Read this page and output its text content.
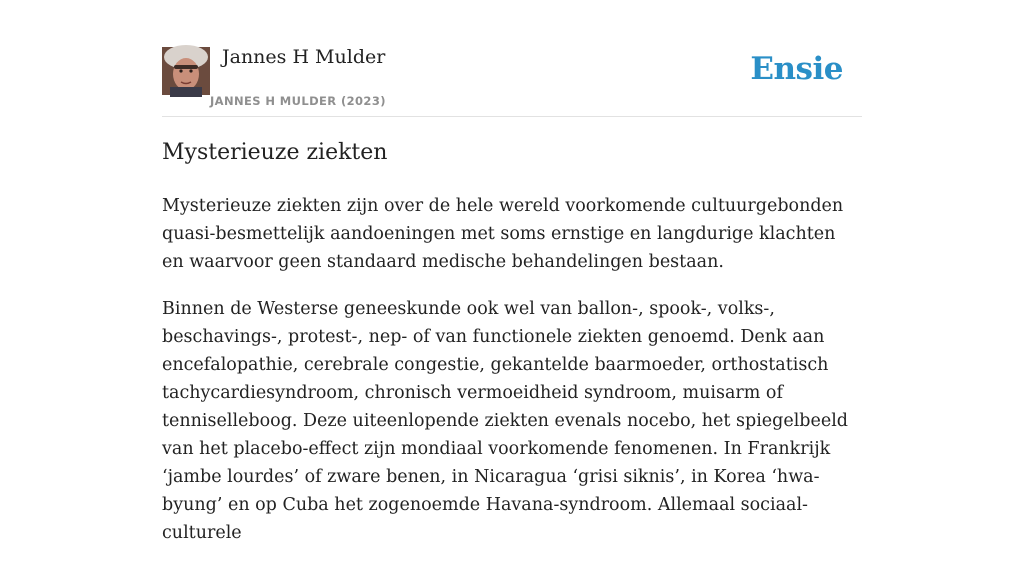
Jannes H Mulder
JANNES H MULDER (2023)
Ensie
Mysterieuze ziekten

Mysterieuze ziekten zijn over de hele wereld voorkomende cultuurgebonden quasi-besmettelijk aandoeningen met soms ernstige en langdurige klachten en waarvoor geen standaard medische behandelingen bestaan.

Binnen de Westerse geneeskunde ook wel van ballon-, spook-, volks-, beschavings-, protest-, nep- of van functionele ziekten genoemd. Denk aan encefalopathie, cerebrale congestie, gekantelde baarmoeder, orthostatisch tachycardiesyndroom, chronisch vermoeidheid syndroom, muisarm of tenniselleboog. Deze uiteenlopende ziekten evenals nocebo, het spiegelbeeld van het placebo-effect zijn mondiaal voorkomende fenomenen. In Frankrijk ‘jambe lourdes’ of zware benen, in Nicaragua ‘grisi siknis’, in Korea ‘hwa-byung’ en op Cuba het zogenoemde Havana-syndroom. Allemaal sociaal-culturele
